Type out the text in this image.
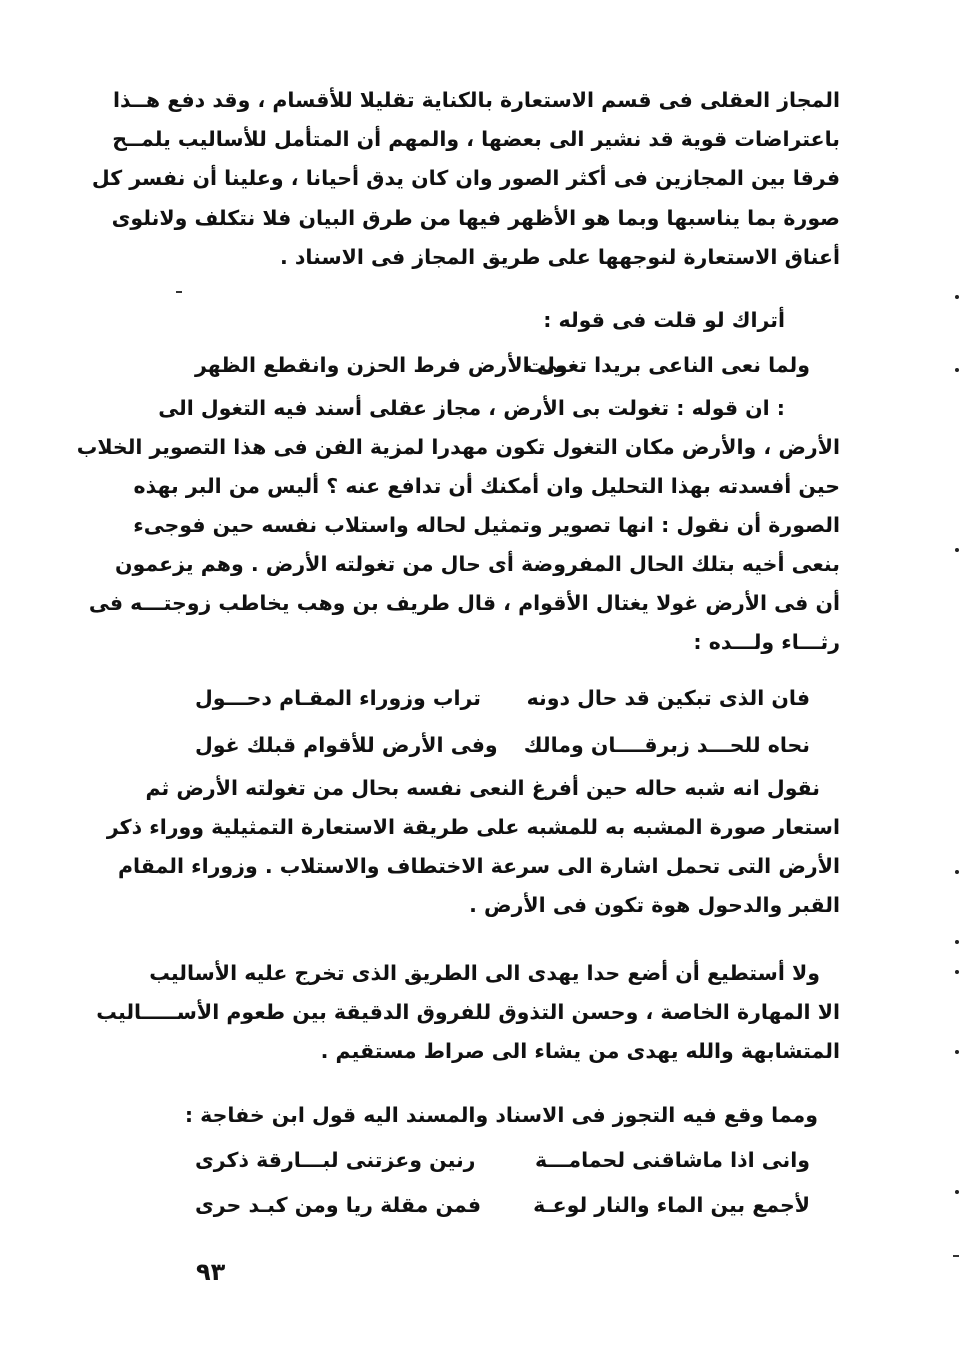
المجاز العقلى فى قسم الاستعارة بالكناية تقليلا للأقسام ، وقد دفع هــذا
باعتراضات قوية قد نشير الى بعضها ، والمهم أن المتأمل للأساليب يلمــح
فرقا بين المجازين فى أكثر الصور وان كان يدق أحيانا ، وعلينا أن نفسر كل
صورة بما يناسبها وبما هو الأظهر فيها من طرق البيان فلا نتكلف ولانلوى
أعناق الاستعارة لنوجهها على طريق المجاز فى الاسناد .
أتراك لو قلت فى قوله :
ولما نعى الناعى بريدا تغولت
بى الأرض فرط الحزن وانقطع الظهر
: ان قوله : تغولت بى الأرض ، مجاز عقلى أسند فيه التغول الى
الأرض ، والأرض مكان التغول تكون مهدرا لمزية الفن فى هذا التصوير الخلاب
حين أفسدته بهذا التحليل وان أمكنك أن تدافع عنه ؟ أليس من البر بهذه
الصورة أن نقول : انها تصوير وتمثيل لحاله واستلاب نفسه حين فوجىء
بنعى أخيه بتلك الحال المفروضة أى حال من تغولته الأرض . وهم يزعمون
أن فى الأرض غولا يغتال الأقوام ، قال طريف بن وهب يخاطب زوجتـــه فى
رثـــاء ولـــده :
فان الذى تبكين قد حال دونه
تراب وزوراء المقـام دحـــول
نحاه للحـــد زبرقــــان ومالك
وفى الأرض للأقوام قبلك غول
نقول انه شبه حاله حين أفرغ النعى نفسه بحال من تغولته الأرض ثم
استعار صورة المشبه به للمشبه على طريقة الاستعارة التمثيلية ووراء ذكر
الأرض التى تحمل اشارة الى سرعة الاختطاف والاستلاب . وزوراء المقام
القبر والدحول هوة تكون فى الأرض .
ولا أستطيع أن أضع حدا يهدى الى الطريق الذى تخرج عليه الأساليب
الا المهارة الخاصة ، وحسن التذوق للفروق الدقيقة بين طعوم الأســـــاليب
المتشابهة والله يهدى من يشاء الى صراط مستقيم .
ومما وقع فيه التجوز فى الاسناد والمسند اليه قول ابن خفاجة :
وانى اذا ماشاقنى لحمامـــة
رنين وعزتنى لبـــارقة ذكرى
لأجمع بين الماء والنار لوعـة
فمن مقلة ريا ومن كبـد حرى
٩٣
